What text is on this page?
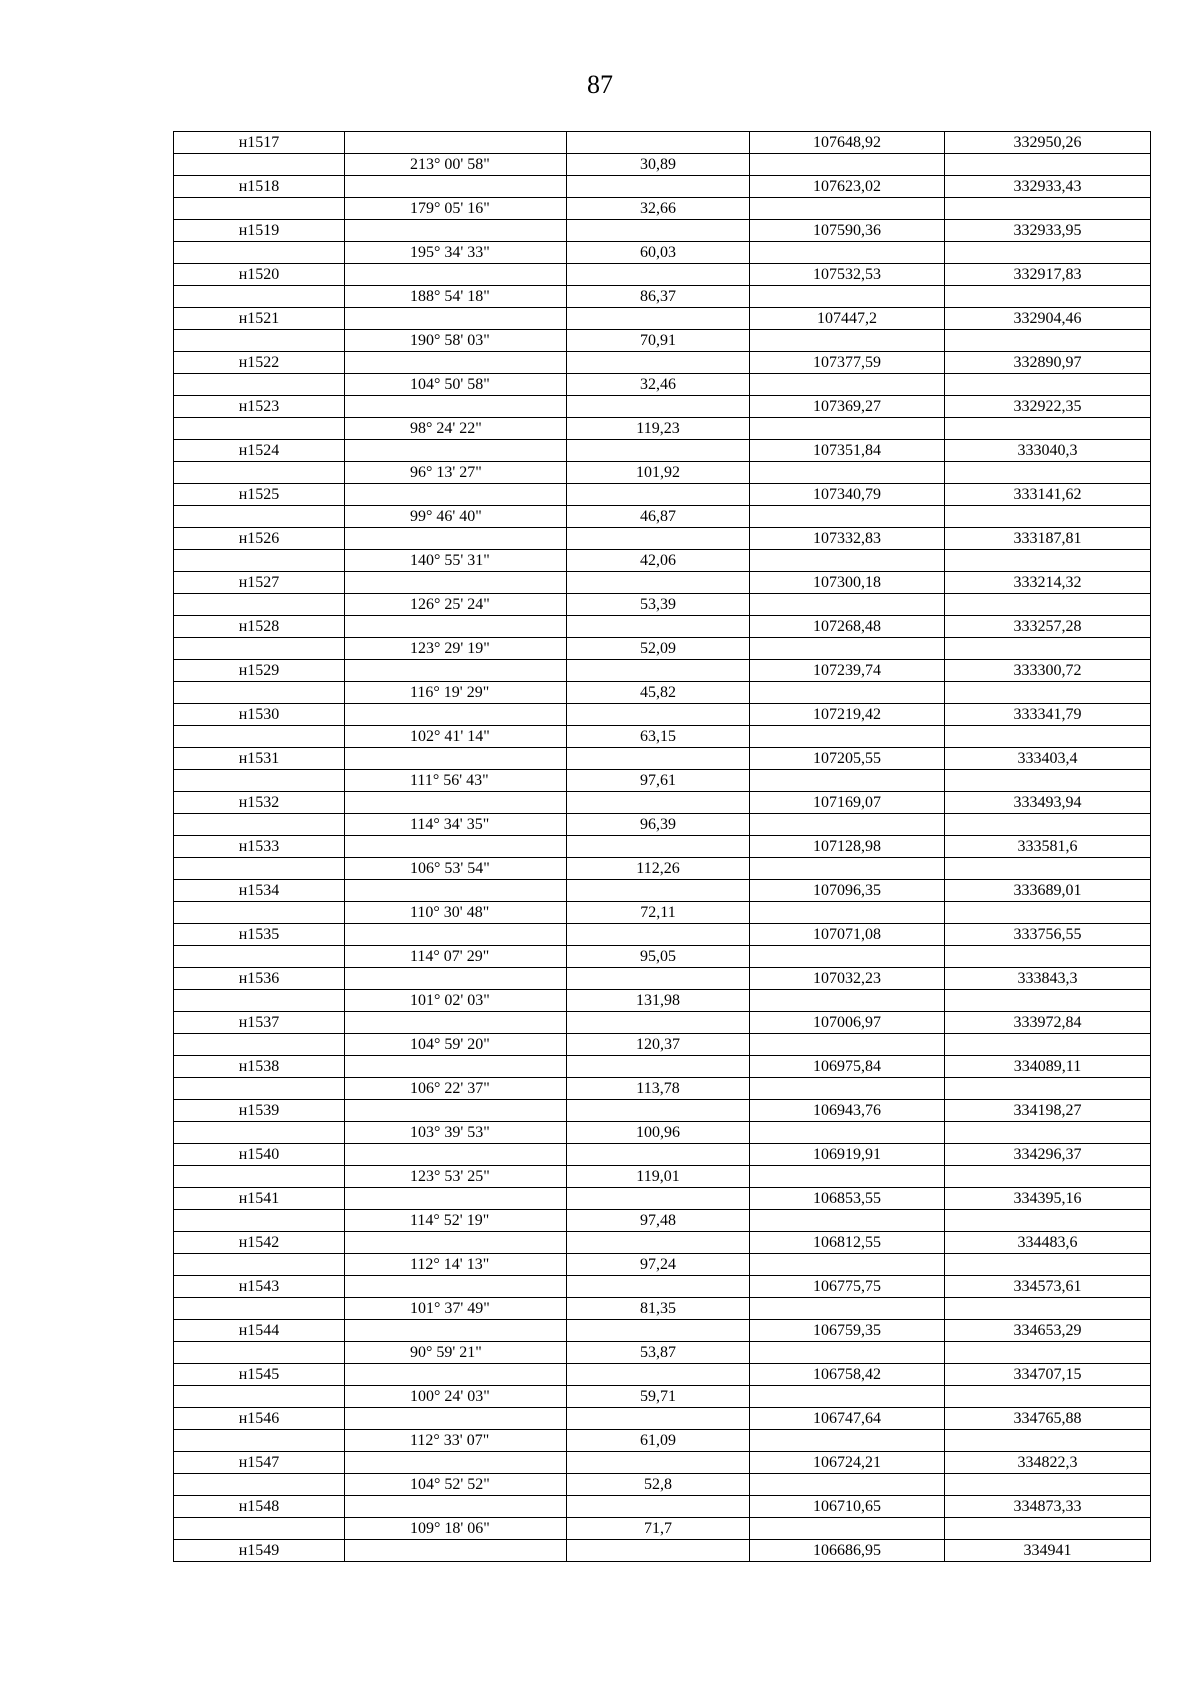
87
н1517			107648,92	332950,26
	213° 00' 58"	30,89		
н1518			107623,02	332933,43
	179° 05' 16"	32,66		
н1519			107590,36	332933,95
	195° 34' 33"	60,03		
н1520			107532,53	332917,83
	188° 54' 18"	86,37		
н1521			107447,2	332904,46
	190° 58' 03"	70,91		
н1522			107377,59	332890,97
	104° 50' 58"	32,46		
н1523			107369,27	332922,35
	98° 24' 22"	119,23		
н1524			107351,84	333040,3
	96° 13' 27"	101,92		
н1525			107340,79	333141,62
	99° 46' 40"	46,87		
н1526			107332,83	333187,81
	140° 55' 31"	42,06		
н1527			107300,18	333214,32
	126° 25' 24"	53,39		
н1528			107268,48	333257,28
	123° 29' 19"	52,09		
н1529			107239,74	333300,72
	116° 19' 29"	45,82		
н1530			107219,42	333341,79
	102° 41' 14"	63,15		
н1531			107205,55	333403,4
	111° 56' 43"	97,61		
н1532			107169,07	333493,94
	114° 34' 35"	96,39		
н1533			107128,98	333581,6
	106° 53' 54"	112,26		
н1534			107096,35	333689,01
	110° 30' 48"	72,11		
н1535			107071,08	333756,55
	114° 07' 29"	95,05		
н1536			107032,23	333843,3
	101° 02' 03"	131,98		
н1537			107006,97	333972,84
	104° 59' 20"	120,37		
н1538			106975,84	334089,11
	106° 22' 37"	113,78		
н1539			106943,76	334198,27
	103° 39' 53"	100,96		
н1540			106919,91	334296,37
	123° 53' 25"	119,01		
н1541			106853,55	334395,16
	114° 52' 19"	97,48		
н1542			106812,55	334483,6
	112° 14' 13"	97,24		
н1543			106775,75	334573,61
	101° 37' 49"	81,35		
н1544			106759,35	334653,29
	90° 59' 21"	53,87		
н1545			106758,42	334707,15
	100° 24' 03"	59,71		
н1546			106747,64	334765,88
	112° 33' 07"	61,09		
н1547			106724,21	334822,3
	104° 52' 52"	52,8		
н1548			106710,65	334873,33
	109° 18' 06"	71,7		
н1549			106686,95	334941
